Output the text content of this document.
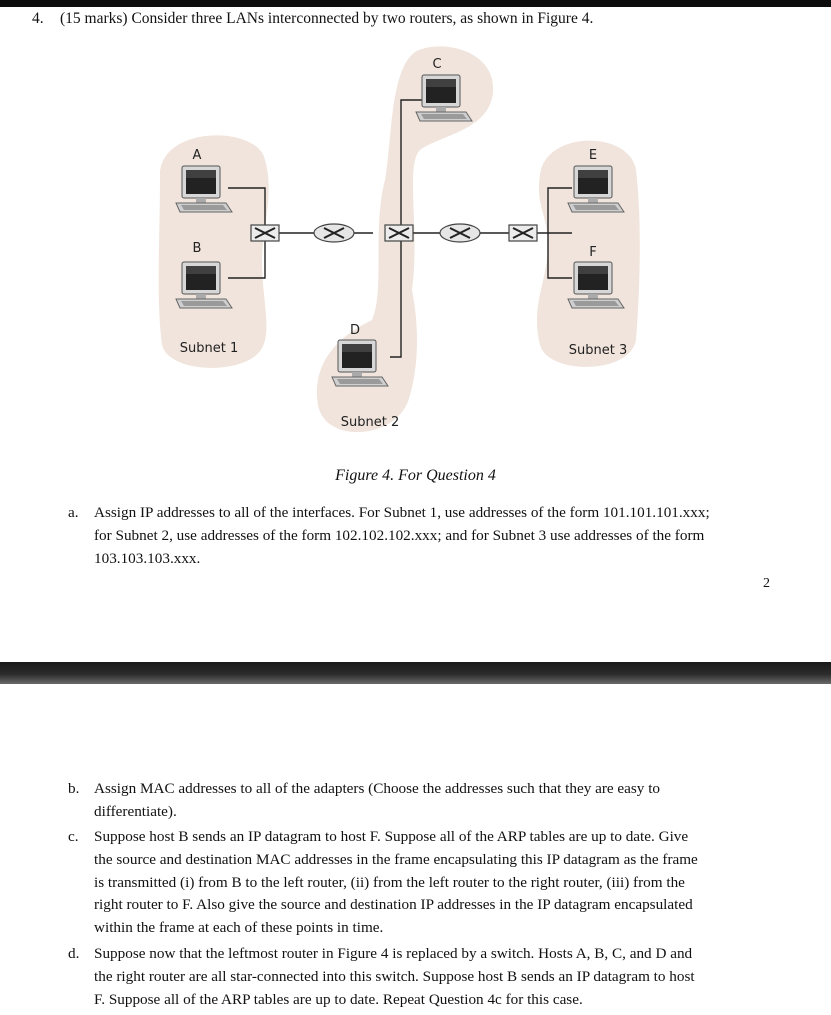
4. (15 marks) Consider three LANs interconnected by two routers, as shown in Figure 4.
A
B
C
D
E
F
Subnet 1
Subnet 2
Subnet 3
Figure 4. For Question 4
a. Assign IP addresses to all of the interfaces. For Subnet 1, use addresses of the form 101.101.101.xxx;
for Subnet 2, use addresses of the form 102.102.102.xxx; and for Subnet 3 use addresses of the form
103.103.103.xxx.
2
b. Assign MAC addresses to all of the adapters (Choose the addresses such that they are easy to
differentiate).
c. Suppose host B sends an IP datagram to host F. Suppose all of the ARP tables are up to date. Give
the source and destination MAC addresses in the frame encapsulating this IP datagram as the frame
is transmitted (i) from B to the left router, (ii) from the left router to the right router, (iii) from the
right router to F. Also give the source and destination IP addresses in the IP datagram encapsulated
within the frame at each of these points in time.
d. Suppose now that the leftmost router in Figure 4 is replaced by a switch. Hosts A, B, C, and D and
the right router are all star-connected into this switch. Suppose host B sends an IP datagram to host
F. Suppose all of the ARP tables are up to date. Repeat Question 4c for this case.
